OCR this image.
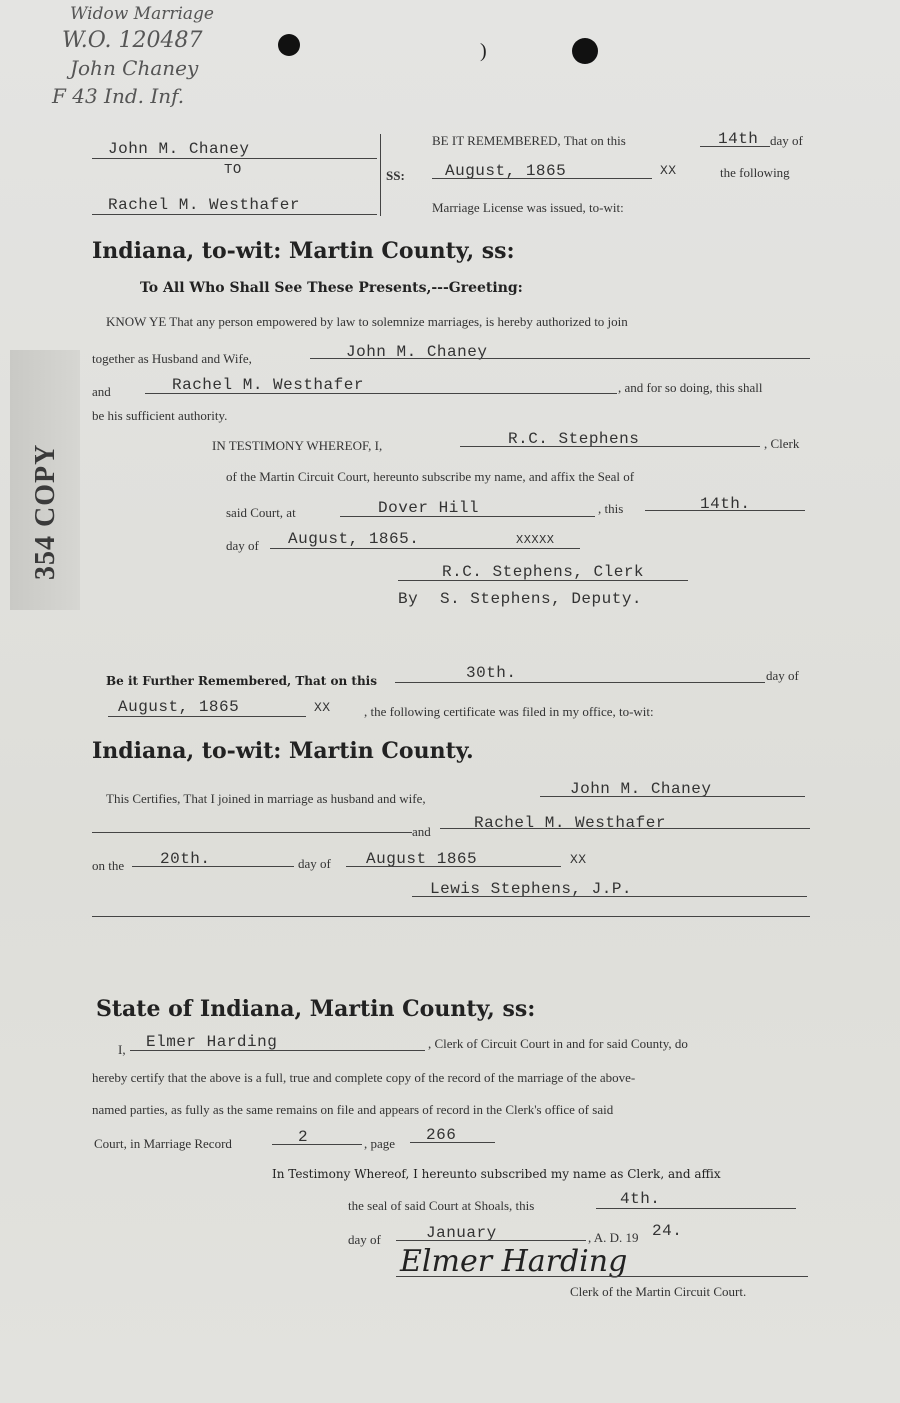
Widow Marriage
W.O. 120487
John Chaney
F 43 Ind. Inf.
)
John M. Chaney
TO
Rachel M. Westhafer
SS:
BE IT REMEMBERED, That on this	14th day of
August, 1865	XX	the following
Marriage License was issued, to-wit:
Indiana, to-wit: Martin County, ss:
To All Who Shall See These Presents,---Greeting:
KNOW YE That any person empowered by law to solemnize marriages, is hereby authorized to join
together as Husband and Wife,	John M. Chaney
and	Rachel M. Westhafer	, and for so doing, this shall
be his sufficient authority.
IN TESTIMONY WHEREOF, I,	R.C. Stephens	, Clerk
of the Martin Circuit Court, hereunto subscribe my name, and affix the Seal of
said Court, at	Dover Hill	, this	14th.
day of August, 1865.	XXXXX
R.C. Stephens, Clerk
By S. Stephens, Deputy.
Be it Further Remembered, That on this	30th.	day of
August, 1865	XX	, the following certificate was filed in my office, to-wit:
Indiana, to-wit: Martin County.
This Certifies, That I joined in marriage as husband and wife,
John M. Chaney
and	Rachel M. Westhafer
on the 20th.	day of August 1865	XX
Lewis Stephens, J.P.
State of Indiana, Martin County, ss:
I, Elmer Harding	, Clerk of Circuit Court in and for said County, do
hereby certify that the above is a full, true and complete copy of the record of the marriage of the above-
named parties, as fully as the same remains on file and appears of record in the Clerk's office of said
Court, in Marriage Record	2	, page 266
In Testimony Whereof, I hereunto subscribed my name as Clerk, and affix
the seal of said Court at Shoals, this	4th.
day of	January	, A. D. 19 24.
Elmer Harding
Clerk of the Martin Circuit Court.
354 COPY
